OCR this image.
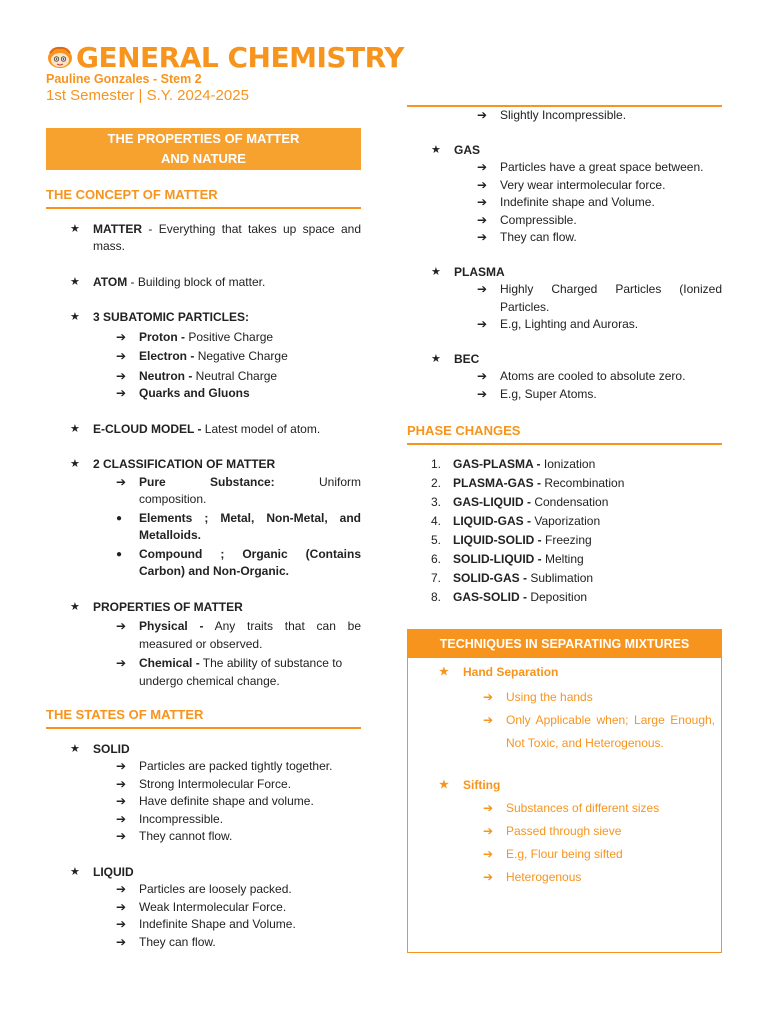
GENERAL CHEMISTRY
Pauline Gonzales - Stem 2
1st Semester | S.Y. 2024-2025
THE PROPERTIES OF MATTER
AND NATURE
THE CONCEPT OF MATTER
★ MATTER - Everything that takes up space and mass.
★ ATOM - Building block of matter.
★ 3 SUBATOMIC PARTICLES:
➔ Proton - Positive Charge
➔ Electron - Negative Charge
➔ Neutron - Neutral Charge
➔ Quarks and Gluons
★ E-CLOUD MODEL - Latest model of atom.
★ 2 CLASSIFICATION OF MATTER
➔ Pure Substance:	Uniform
composition.
● Elements ; Metal, Non-Metal, and Metalloids.
● Compound ; Organic (Contains Carbon) and Non-Organic.
★ PROPERTIES OF MATTER
➔ Physical - Any traits that can be measured or observed.
➔ Chemical - The ability of substance to undergo chemical change.
THE STATES OF MATTER
★ SOLID
➔ Particles are packed tightly together.
➔ Strong Intermolecular Force.
➔ Have definite shape and volume.
➔ Incompressible.
➔ They cannot flow.
★ LIQUID
➔ Particles are loosely packed.
➔ Weak Intermolecular Force.
➔ Indefinite Shape and Volume.
➔ They can flow.
➔ Slightly Incompressible.
★ GAS
➔ Particles have a great space between.
➔ Very wear intermolecular force.
➔ Indefinite shape and Volume.
➔ Compressible.
➔ They can flow.
★ PLASMA
➔ Highly Charged Particles (Ionized Particles.
➔ E.g, Lighting and Auroras.
★ BEC
➔ Atoms are cooled to absolute zero.
➔ E.g, Super Atoms.
PHASE CHANGES
1. GAS-PLASMA - Ionization
2. PLASMA-GAS - Recombination
3. GAS-LIQUID - Condensation
4. LIQUID-GAS - Vaporization
5. LIQUID-SOLID - Freezing
6. SOLID-LIQUID - Melting
7. SOLID-GAS - Sublimation
8. GAS-SOLID - Deposition
TECHNIQUES IN SEPARATING MIXTURES
★ Hand Separation
➔ Using the hands
➔ Only Applicable when; Large Enough, Not Toxic, and Heterogenous.
★ Sifting
➔ Substances of different sizes
➔ Passed through sieve
➔ E.g, Flour being sifted
➔ Heterogenous
